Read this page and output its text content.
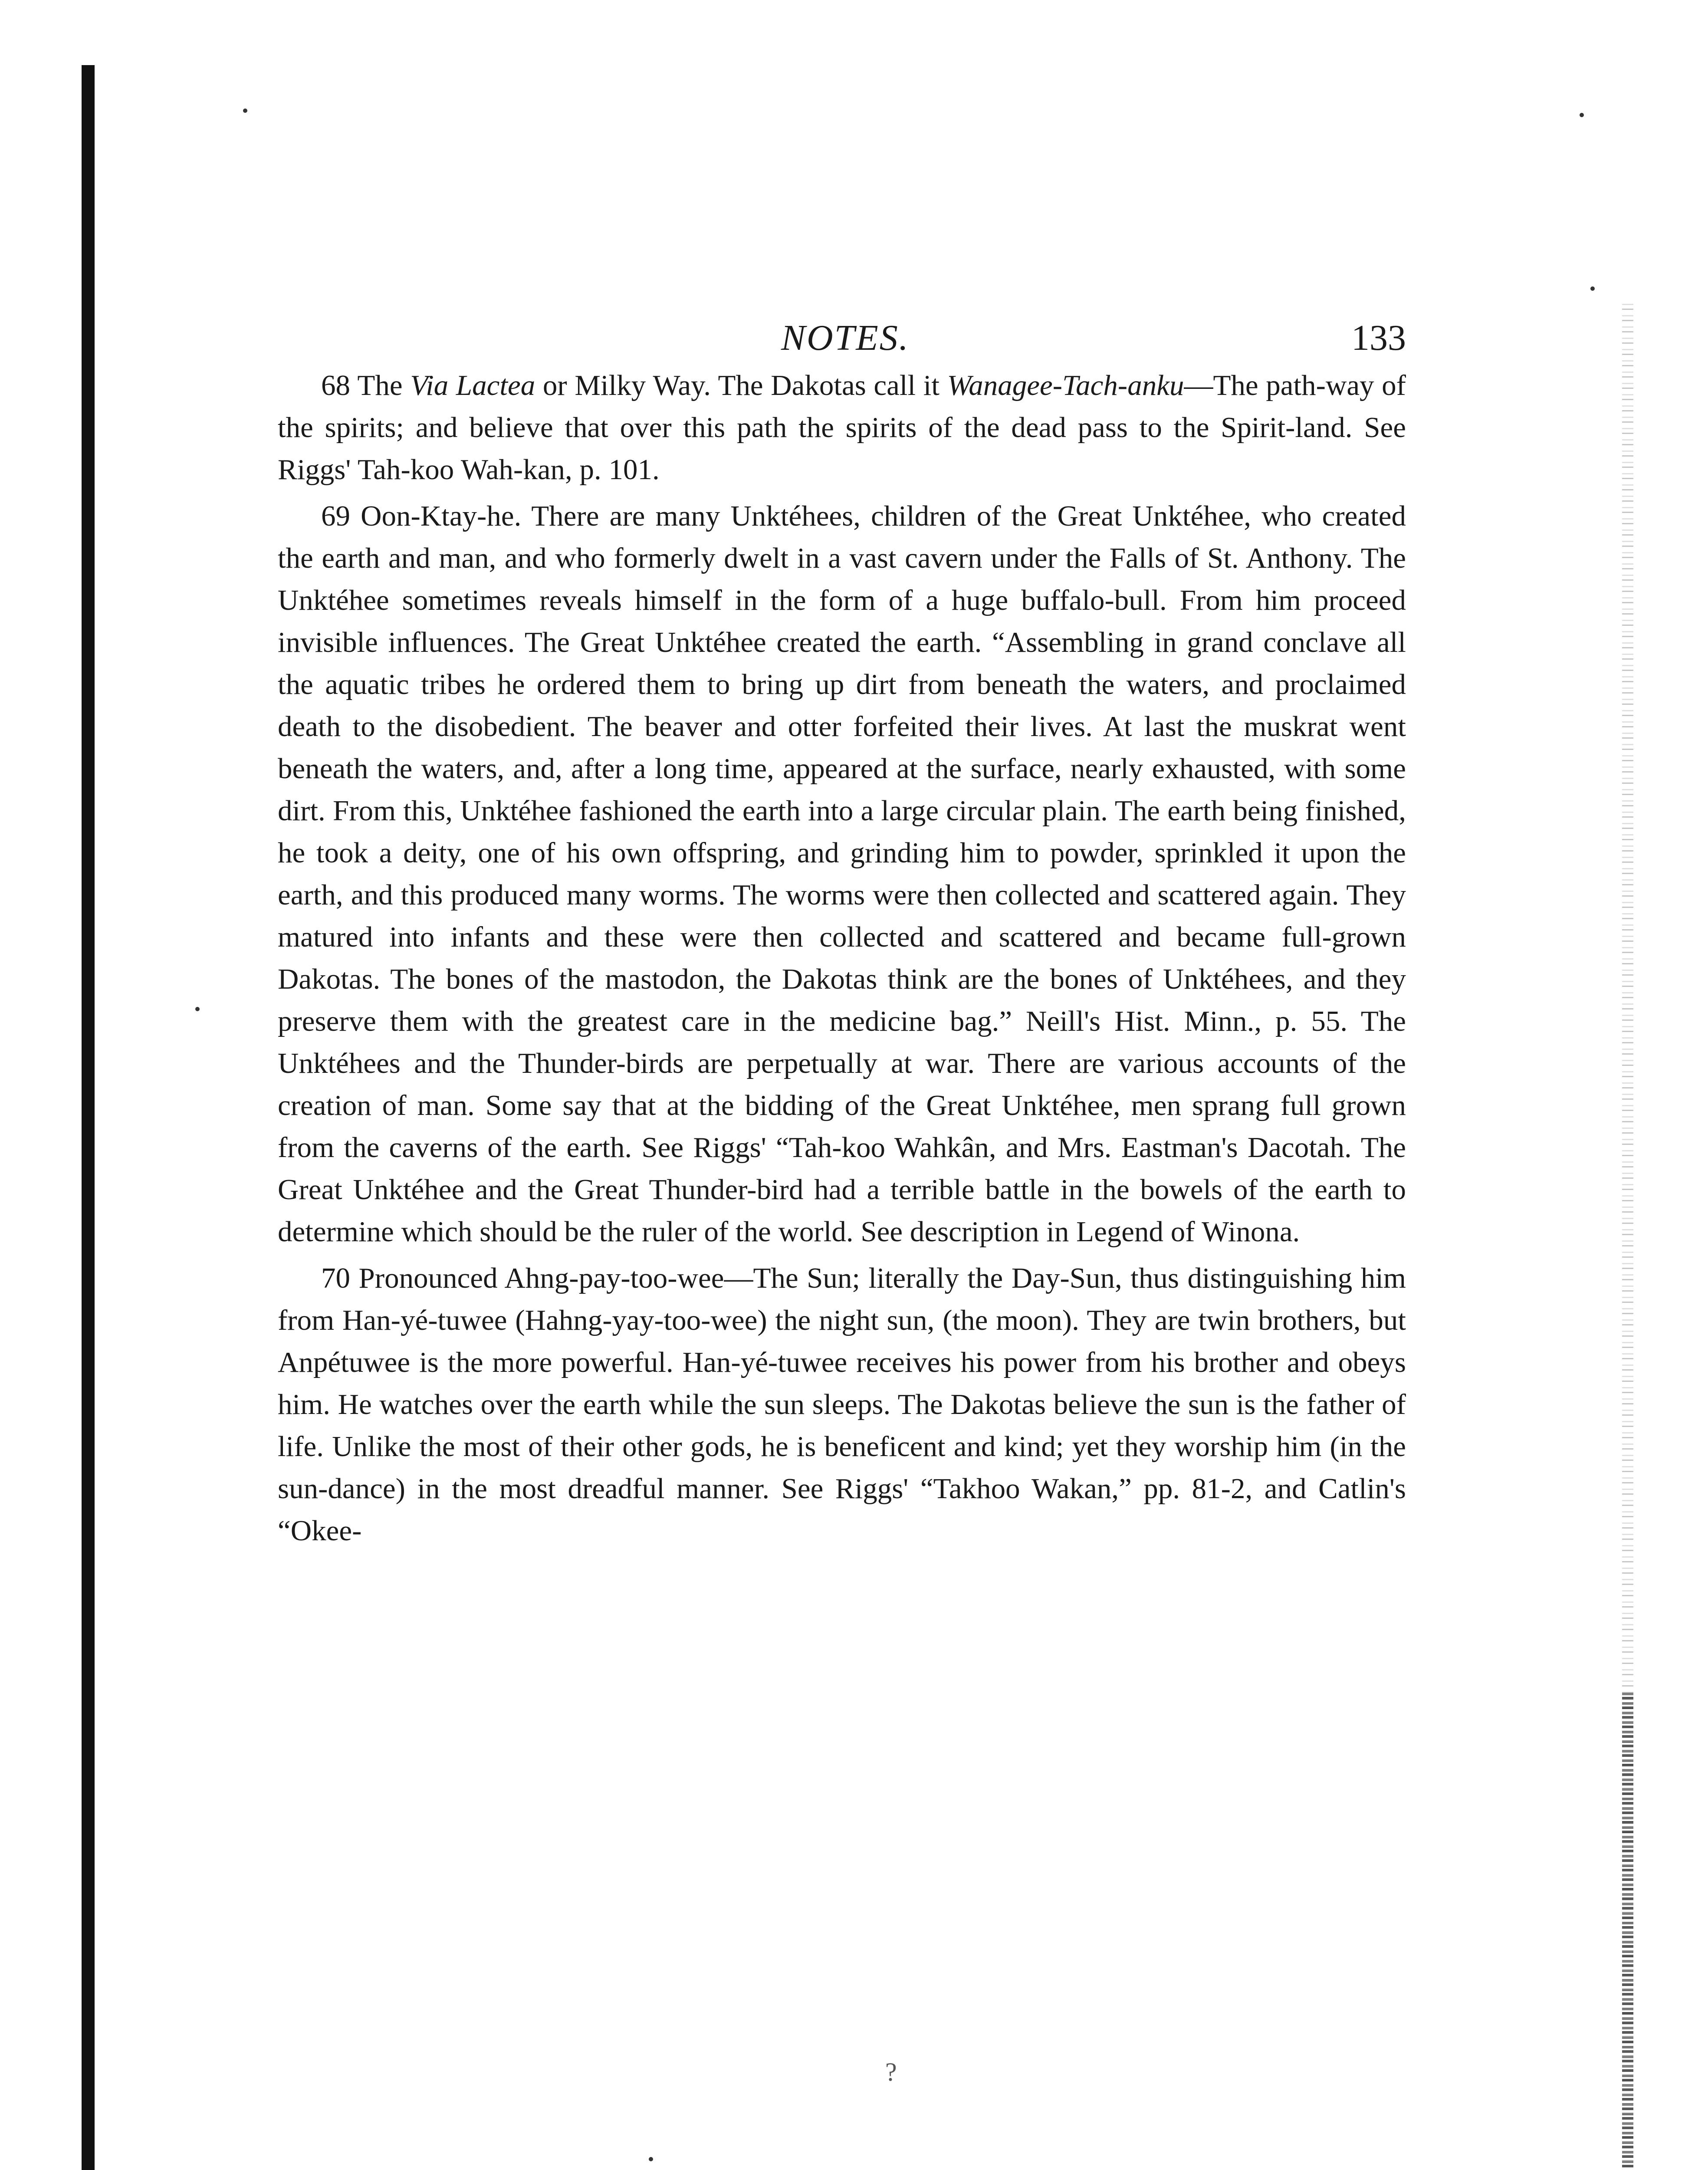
NOTES.	133

68 The Via Lactea or Milky Way. The Dakotas call it Wanagee-Tach-anku—The path-way of the spirits; and believe that over this path the spirits of the dead pass to the Spirit-land. See Riggs' Tah-koo Wah-kan, p. 101.

69 Oon-Ktay-he. There are many Unktéhees, children of the Great Unktéhee, who created the earth and man, and who formerly dwelt in a vast cavern under the Falls of St. Anthony. The Unktéhee sometimes reveals himself in the form of a huge buffalo-bull. From him proceed invisible influences. The Great Unktéhee created the earth. “Assembling in grand conclave all the aquatic tribes he ordered them to bring up dirt from beneath the waters, and proclaimed death to the disobedient. The beaver and otter forfeited their lives. At last the muskrat went beneath the waters, and, after a long time, appeared at the surface, nearly exhausted, with some dirt. From this, Unktéhee fashioned the earth into a large circular plain. The earth being finished, he took a deity, one of his own offspring, and grinding him to powder, sprinkled it upon the earth, and this produced many worms. The worms were then collected and scattered again. They matured into infants and these were then collected and scattered and became full-grown Dakotas. The bones of the mastodon, the Dakotas think are the bones of Unktéhees, and they preserve them with the greatest care in the medicine bag.” Neill's Hist. Minn., p. 55. The Unktéhees and the Thunder-birds are perpetually at war. There are various accounts of the creation of man. Some say that at the bidding of the Great Unktéhee, men sprang full grown from the caverns of the earth. See Riggs' “Tah-koo Wahkân, and Mrs. Eastman's Dacotah. The Great Unktéhee and the Great Thunder-bird had a terrible battle in the bowels of the earth to determine which should be the ruler of the world. See description in Legend of Winona.

70 Pronounced Ahng-pay-too-wee—The Sun; literally the Day-Sun, thus distinguishing him from Han-yé-tuwee (Hahng-yay-too-wee) the night sun, (the moon). They are twin brothers, but Anpétuwee is the more powerful. Han-yé-tuwee receives his power from his brother and obeys him. He watches over the earth while the sun sleeps. The Dakotas believe the sun is the father of life. Unlike the most of their other gods, he is beneficent and kind; yet they worship him (in the sun-dance) in the most dreadful manner. See Riggs' “Takhoo Wakan,” pp. 81-2, and Catlin's “Okee-

?
